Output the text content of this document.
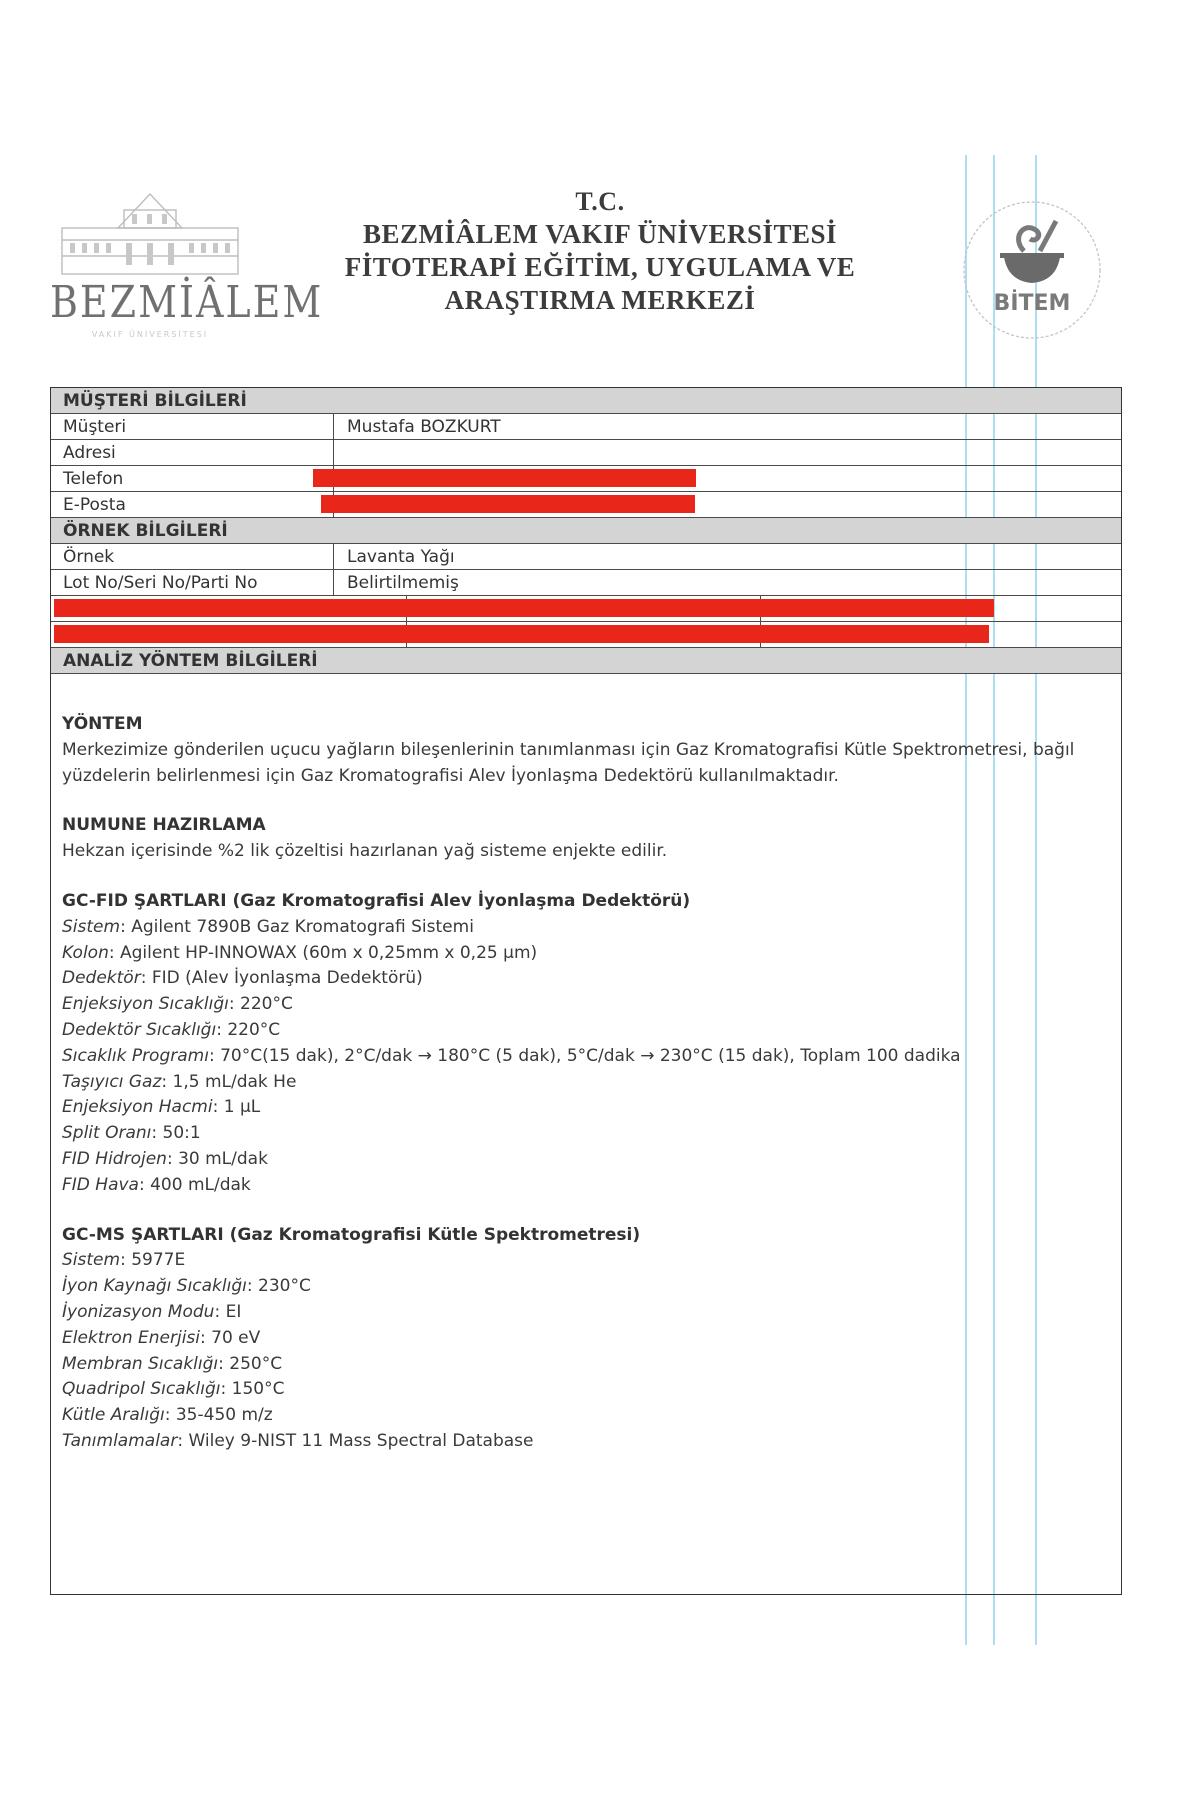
BEZMİÂLEM
VAKIF ÜNİVERSİTESİ
T.C.
BEZMİÂLEM VAKIF ÜNİVERSİTESİ
FİTOTERAPİ EĞİTİM, UYGULAMA VE
ARAŞTIRMA MERKEZİ	BİTEM
MÜŞTERİ BİLGİLERİ
Müşteri	Mustafa BOZKURT
Adresi
Telefon
E-Posta
ÖRNEK BİLGİLERİ
Örnek	Lavanta Yağı
Lot No/Seri No/Parti No	Belirtilmemiş
ANALİZ YÖNTEM BİLGİLERİ
YÖNTEM
Merkezimize gönderilen uçucu yağların bileşenlerinin tanımlanması için Gaz Kromatografisi Kütle Spektrometresi, bağıl
yüzdelerin belirlenmesi için Gaz Kromatografisi Alev İyonlaşma Dedektörü kullanılmaktadır.
NUMUNE HAZIRLAMA
Hekzan içerisinde %2 lik çözeltisi hazırlanan yağ sisteme enjekte edilir.
GC-FID ŞARTLARI (Gaz Kromatografisi Alev İyonlaşma Dedektörü)
Sistem: Agilent 7890B Gaz Kromatografi Sistemi
Kolon: Agilent HP-INNOWAX (60m x 0,25mm x 0,25 µm)
Dedektör: FID (Alev İyonlaşma Dedektörü)
Enjeksiyon Sıcaklığı: 220°C
Dedektör Sıcaklığı: 220°C
Sıcaklık Programı: 70°C(15 dak), 2°C/dak → 180°C (5 dak), 5°C/dak → 230°C (15 dak), Toplam 100 dadika
Taşıyıcı Gaz: 1,5 mL/dak He
Enjeksiyon Hacmi: 1 µL
Split Oranı: 50:1
FID Hidrojen: 30 mL/dak
FID Hava: 400 mL/dak
GC-MS ŞARTLARI (Gaz Kromatografisi Kütle Spektrometresi)
Sistem: 5977E
İyon Kaynağı Sıcaklığı: 230°C
İyonizasyon Modu: EI
Elektron Enerjisi: 70 eV
Membran Sıcaklığı: 250°C
Quadripol Sıcaklığı: 150°C
Kütle Aralığı: 35-450 m/z
Tanımlamalar: Wiley 9-NIST 11 Mass Spectral Database
